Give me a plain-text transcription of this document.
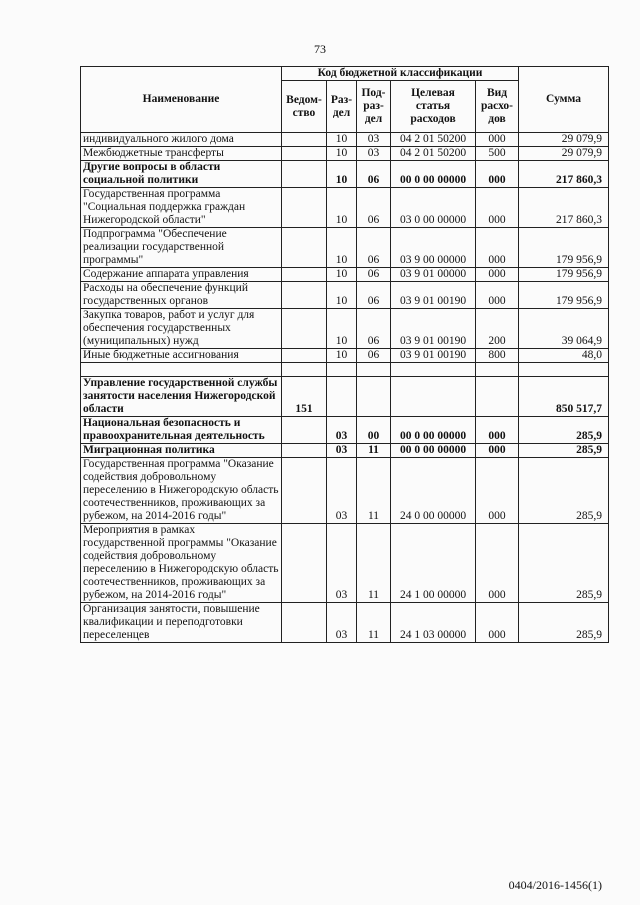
73
Наименование	Код бюджетной классификации					Сумма
	Ведом-ство	Раз-дел	Под-раз-дел	Целевая статья расходов	Вид расхо-дов	
индивидуального жилого дома		10	03	04 2 01 50200	000	29 079,9
Межбюджетные трансферты		10	03	04 2 01 50200	500	29 079,9
Другие вопросы в области социальной политики		10	06	00 0 00 00000	000	217 860,3
Государственная программа "Социальная поддержка граждан Нижегородской области"		10	06	03 0 00 00000	000	217 860,3
Подпрограмма "Обеспечение реализации государственной программы"		10	06	03 9 00 00000	000	179 956,9
Содержание аппарата управления		10	06	03 9 01 00000	000	179 956,9
Расходы на обеспечение функций государственных органов		10	06	03 9 01 00190	000	179 956,9
Закупка товаров, работ и услуг для обеспечения государственных (муниципальных) нужд		10	06	03 9 01 00190	200	39 064,9
Иные бюджетные ассигнования		10	06	03 9 01 00190	800	48,0

Управление государственной службы занятости населения Нижегородской области	151					850 517,7
Национальная безопасность и правоохранительная деятельность		03	00	00 0 00 00000	000	285,9
Миграционная политика		03	11	00 0 00 00000	000	285,9
Государственная программа "Оказание содействия добровольному переселению в Нижегородскую область соотечественников, проживающих за рубежом, на 2014-2016 годы"		03	11	24 0 00 00000	000	285,9
Мероприятия в рамках государственной программы "Оказание содействия добровольному переселению в Нижегородскую область соотечественников, проживающих за рубежом, на 2014-2016 годы"		03	11	24 1 00 00000	000	285,9
Организация занятости, повышение квалификации и переподготовки переселенцев		03	11	24 1 03 00000	000	285,9
0404/2016-1456(1)
